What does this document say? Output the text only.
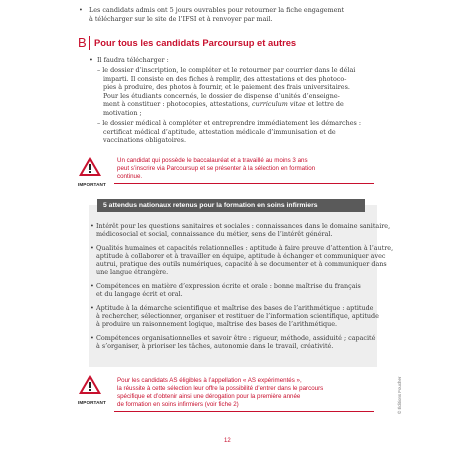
• Les candidats admis ont 5 jours ouvrables pour retourner la fiche engagement
à télécharger sur le site de l’IFSI et à renvoyer par mail.
B Pour tous les candidats Parcoursup et autres
• Il faudra télécharger :
– le dossier d’inscription, le compléter et le retourner par courrier dans le délai
imparti. Il consiste en des fiches à remplir, des attestations et des photoco-
pies à produire, des photos à fournir, et le paiement des frais universitaires.
Pour les étudiants concernés, le dossier de dispense d’unités d’enseigne-
ment à constituer : photocopies, attestations, curriculum vitae et lettre de
motivation ;
– le dossier médical à compléter et entreprendre immédiatement les démarches :
certificat médical d’aptitude, attestation médicale d’immunisation et de
vaccinations obligatoires.
IMPORTANT
Un candidat qui possède le baccalauréat et a travaillé au moins 3 ans
peut s’inscrire via Parcoursup et se présenter à la sélection en formation
continue.
5 attendus nationaux retenus pour la formation en soins infirmiers
• Intérêt pour les questions sanitaires et sociales : connaissances dans le domaine sanitaire,
médicosocial et social, connaissance du métier, sens de l’intérêt général.
• Qualités humaines et capacités relationnelles : aptitude à faire preuve d’attention à l’autre,
aptitude à collaborer et à travailler en équipe, aptitude à échanger et communiquer avec
autrui, pratique des outils numériques, capacité à se documenter et à communiquer dans
une langue étrangère.
• Compétences en matière d’expression écrite et orale : bonne maîtrise du français
et du langage écrit et oral.
• Aptitude à la démarche scientifique et maîtrise des bases de l’arithmétique : aptitude
à rechercher, sélectionner, organiser et restituer de l’information scientifique, aptitude
à produire un raisonnement logique, maîtrise des bases de l’arithmétique.
• Compétences organisationnelles et savoir être : rigueur, méthode, assiduité ; capacité
à s’organiser, à prioriser les tâches, autonomie dans le travail, créativité.
IMPORTANT
Pour les candidats AS éligibles à l’appellation « AS expérimentés »,
la réussite à cette sélection leur offre la possibilité d’entrer dans le parcours
spécifique et d’obtenir ainsi une dérogation pour la première année
de formation en soins infirmiers (voir fiche 2)
12
© Éditions Foucher
